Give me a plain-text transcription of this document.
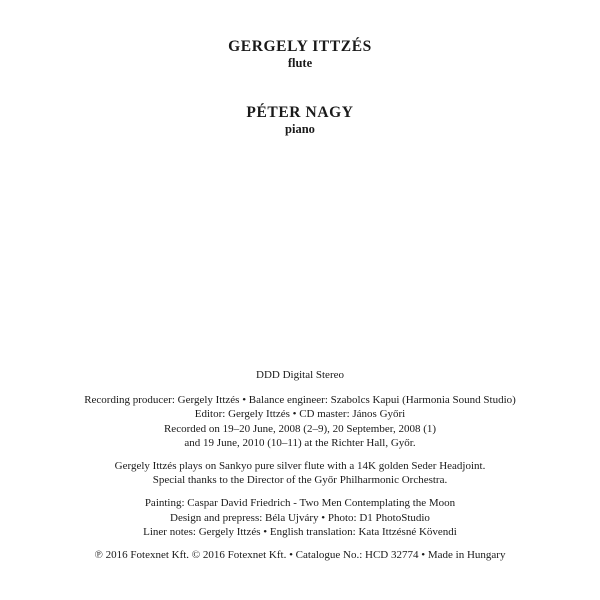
GERGELY ITTZÉS
flute
PÉTER NAGY
piano
DDD Digital Stereo
Recording producer: Gergely Ittzés • Balance engineer: Szabolcs Kapui (Harmonia Sound Studio)
Editor: Gergely Ittzés • CD master: János Győri
Recorded on 19–20 June, 2008 (2–9), 20 September, 2008 (1)
and 19 June, 2010 (10–11) at the Richter Hall, Győr.
Gergely Ittzés plays on Sankyo pure silver flute with a 14K golden Seder Headjoint.
Special thanks to the Director of the Győr Philharmonic Orchestra.
Painting: Caspar David Friedrich - Two Men Contemplating the Moon
Design and prepress: Béla Ujváry • Photo: D1 PhotoStudio
Liner notes: Gergely Ittzés • English translation: Kata Ittzésné Kövendi
℗ 2016 Fotexnet Kft. © 2016 Fotexnet Kft. • Catalogue No.: HCD 32774 • Made in Hungary
